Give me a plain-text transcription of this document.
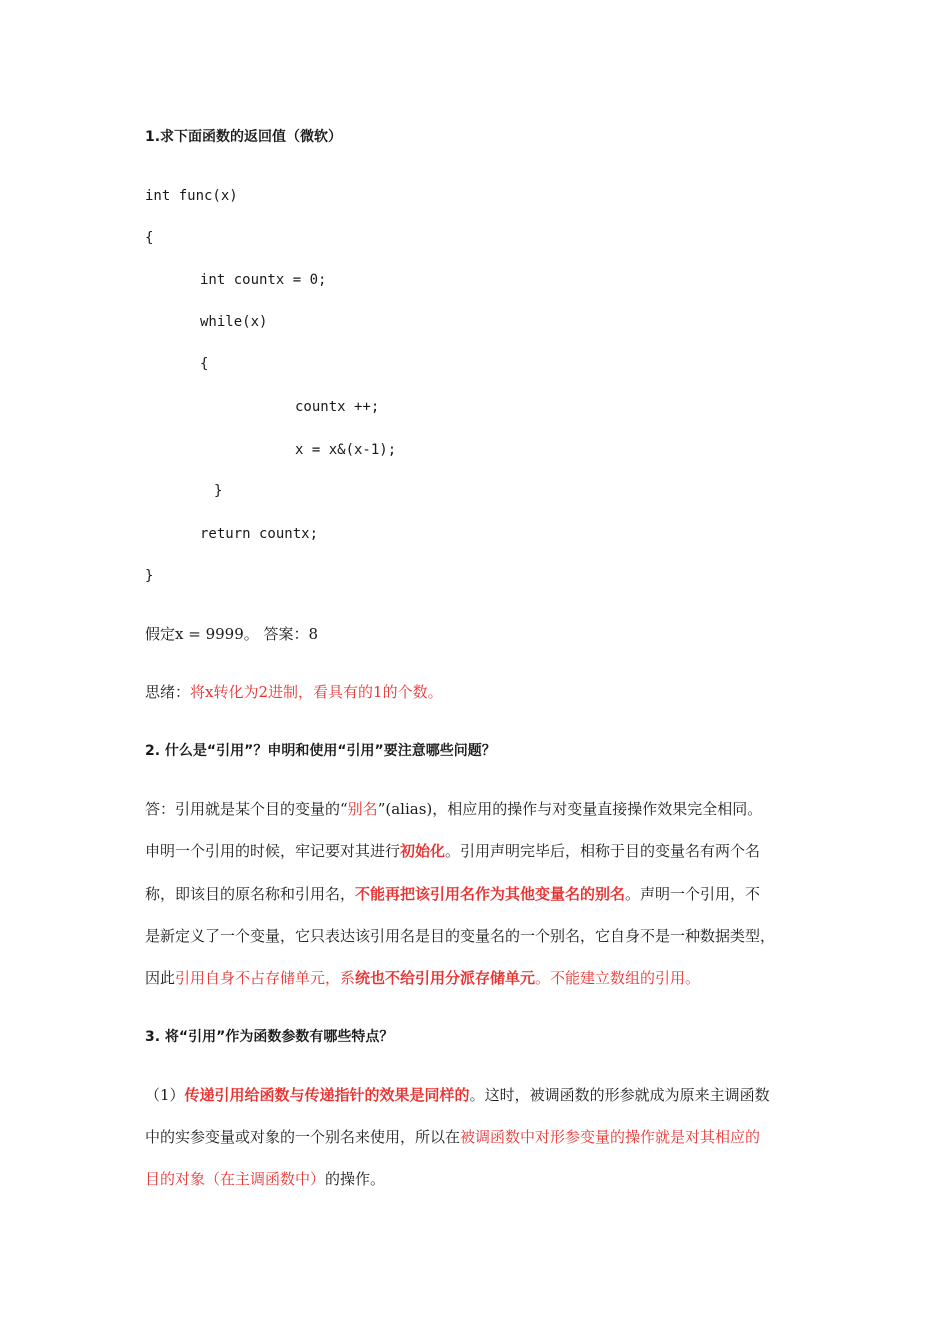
1.求下面函数的返回值（微软）
int func(x)
{
int countx = 0;
while(x)
{
countx ++;
x = x&(x-1);
}
return countx;
}
假定x = 9999。 答案：8
思绪：将x转化为2进制，看具有的1的个数。
2. 什么是“引用”？申明和使用“引用”要注意哪些问题？
答：引用就是某个目的变量的“别名”(alias)，相应用的操作与对变量直接操作效果完全相同。
申明一个引用的时候，牢记要对其进行初始化。引用声明完毕后，相称于目的变量名有两个名
称，即该目的原名称和引用名，不能再把该引用名作为其他变量名的别名。声明一个引用，不
是新定义了一个变量，它只表达该引用名是目的变量名的一个别名，它自身不是一种数据类型，
因此引用自身不占存储单元，系统也不给引用分派存储单元。不能建立数组的引用。
3. 将“引用”作为函数参数有哪些特点？
（1）传递引用给函数与传递指针的效果是同样的。这时，被调函数的形参就成为原来主调函数
中的实参变量或对象的一个别名来使用，所以在被调函数中对形参变量的操作就是对其相应的
目的对象（在主调函数中）的操作。
